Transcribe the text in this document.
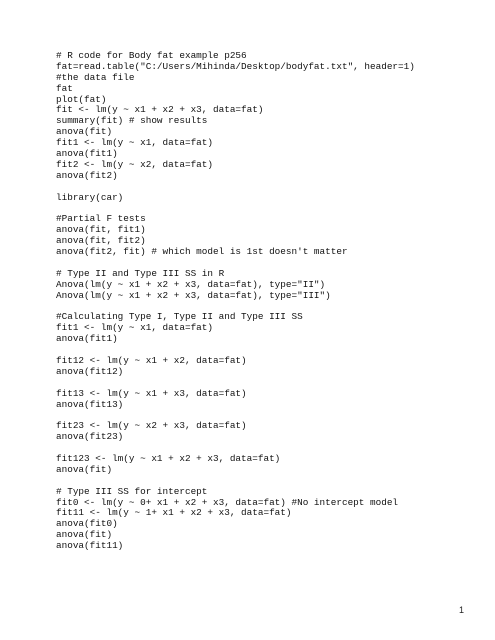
# R code for Body fat example p256
fat=read.table("C:/Users/Mihinda/Desktop/bodyfat.txt", header=1)
#the data file
fat
plot(fat)
fit <- lm(y ~ x1 + x2 + x3, data=fat)
summary(fit) # show results
anova(fit)
fit1 <- lm(y ~ x1, data=fat)
anova(fit1)
fit2 <- lm(y ~ x2, data=fat)
anova(fit2)
library(car)
#Partial F tests
anova(fit, fit1)
anova(fit, fit2)
anova(fit2, fit) # which model is 1st doesn't matter
# Type II and Type III SS in R
Anova(lm(y ~ x1 + x2 + x3, data=fat), type="II")
Anova(lm(y ~ x1 + x2 + x3, data=fat), type="III")
#Calculating Type I, Type II and Type III SS
fit1 <- lm(y ~ x1, data=fat)
anova(fit1)
fit12 <- lm(y ~ x1 + x2, data=fat)
anova(fit12)
fit13 <- lm(y ~ x1 + x3, data=fat)
anova(fit13)
fit23 <- lm(y ~ x2 + x3, data=fat)
anova(fit23)
fit123 <- lm(y ~ x1 + x2 + x3, data=fat)
anova(fit)
# Type III SS for intercept
fit0 <- lm(y ~ 0+ x1 + x2 + x3, data=fat) #No intercept model
fit11 <- lm(y ~ 1+ x1 + x2 + x3, data=fat)
anova(fit0)
anova(fit)
anova(fit11)
1
